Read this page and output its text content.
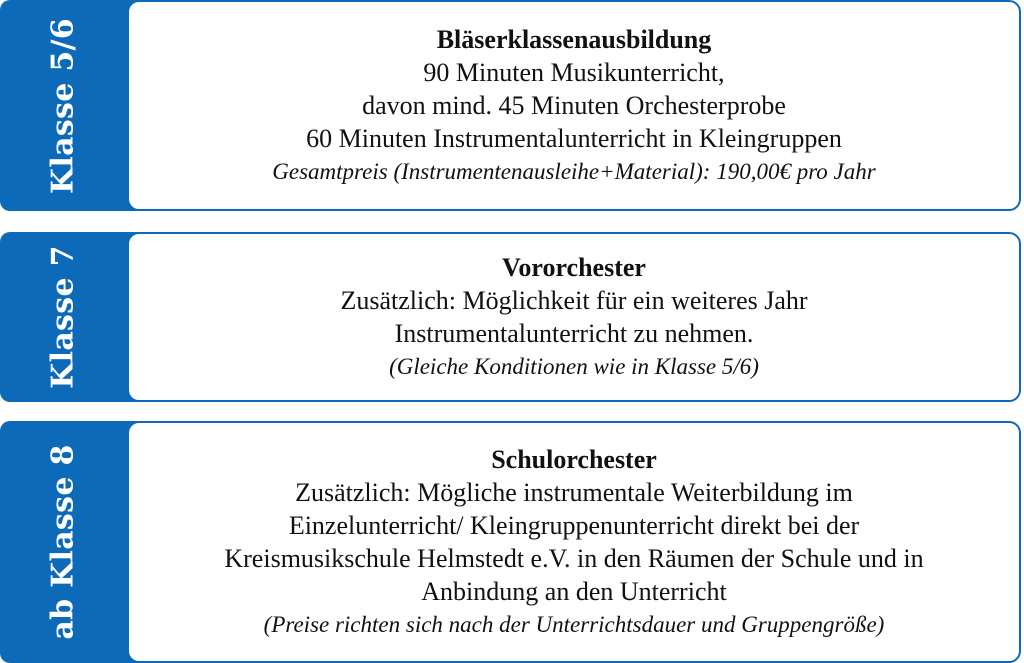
Klasse 5/6	Bläserklassenausbildung
90 Minuten Musikunterricht,
davon mind. 45 Minuten Orchesterprobe
60 Minuten Instrumentalunterricht in Kleingruppen
Gesamtpreis (Instrumentenausleihe+Material): 190,00€ pro Jahr
Klasse 7	Vororchester
Zusätzlich: Möglichkeit für ein weiteres Jahr
Instrumentalunterricht zu nehmen.
(Gleiche Konditionen wie in Klasse 5/6)
ab Klasse 8	Schulorchester
Zusätzlich: Mögliche instrumentale Weiterbildung im
Einzelunterricht/ Kleingruppenunterricht direkt bei der
Kreismusikschule Helmstedt e.V. in den Räumen der Schule und in
Anbindung an den Unterricht
(Preise richten sich nach der Unterrichtsdauer und Gruppengröße)
